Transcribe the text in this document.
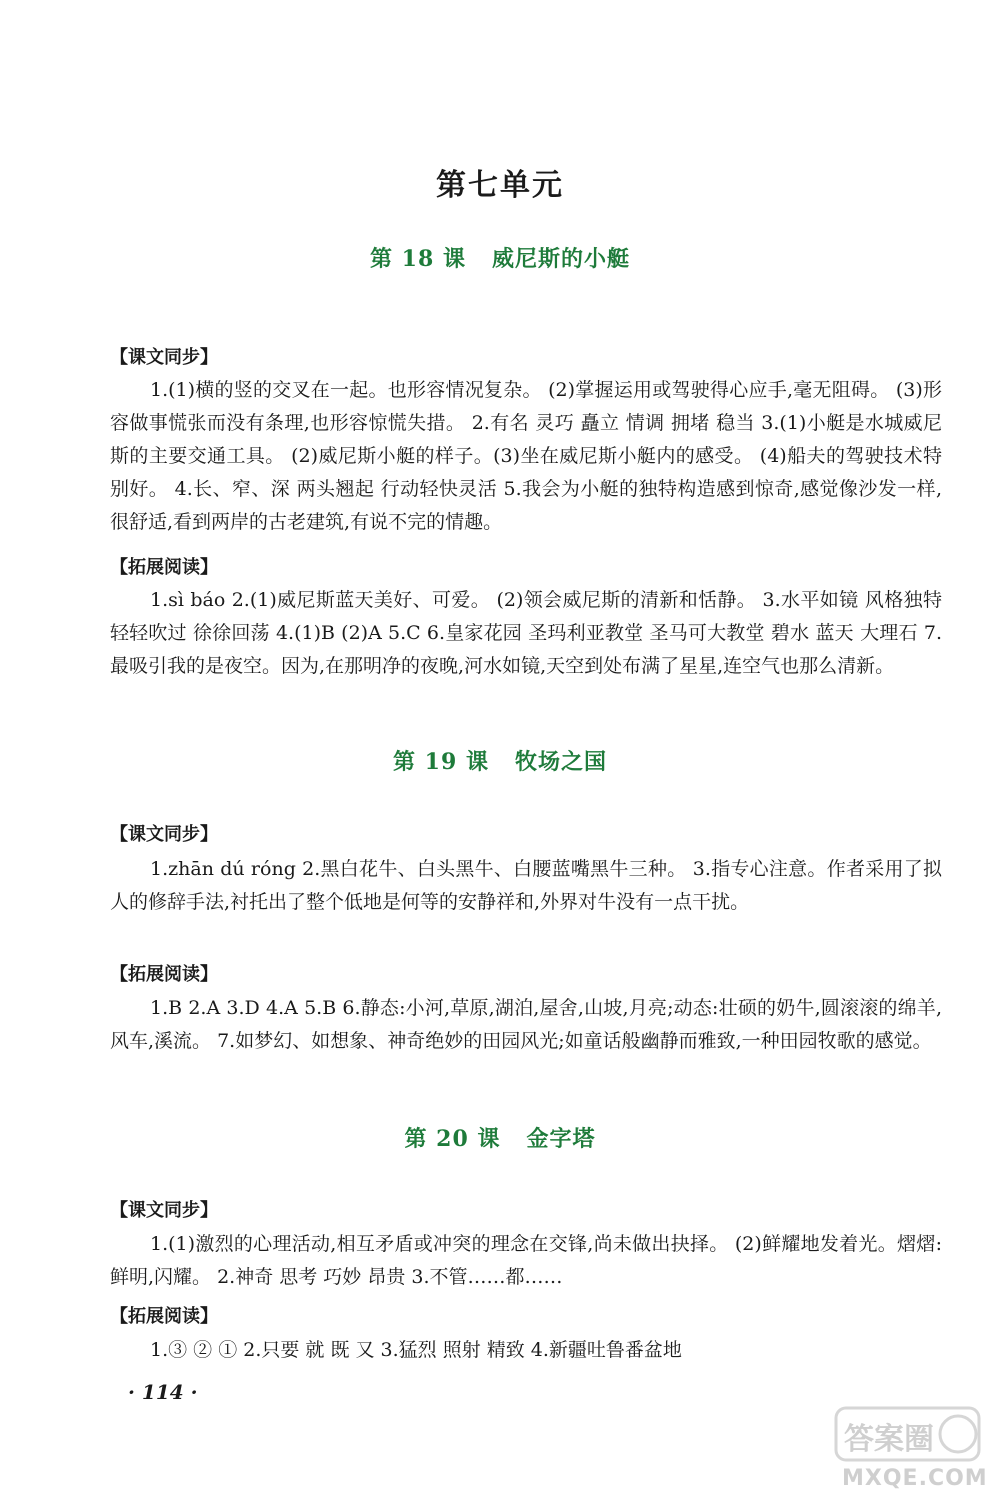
第七单元
第 18 课 威尼斯的小艇
【课文同步】

1.(1)横的竖的交叉在一起。也形容情况复杂。 (2)掌握运用或驾驶得心应手,毫无阻碍。 (3)形容做事慌张而没有条理,也形容惊慌失措。 2.有名 灵巧 矗立 情调 拥堵 稳当 3.(1)小艇是水城威尼斯的主要交通工具。 (2)威尼斯小艇的样子。(3)坐在威尼斯小艇内的感受。 (4)船夫的驾驶技术特别好。 4.长、窄、深 两头翘起 行动轻快灵活 5.我会为小艇的独特构造感到惊奇,感觉像沙发一样,很舒适,看到两岸的古老建筑,有说不完的情趣。

【拓展阅读】

1.sì báo 2.(1)威尼斯蓝天美好、可爱。 (2)领会威尼斯的清新和恬静。 3.水平如镜 风格独特 轻轻吹过 徐徐回荡 4.(1)B (2)A 5.C 6.皇家花园 圣玛利亚教堂 圣马可大教堂 碧水 蓝天 大理石 7.最吸引我的是夜空。因为,在那明净的夜晚,河水如镜,天空到处布满了星星,连空气也那么清新。

第 19 课 牧场之国
【课文同步】

1.zhān dú róng 2.黑白花牛、白头黑牛、白腰蓝嘴黑牛三种。 3.指专心注意。作者采用了拟人的修辞手法,衬托出了整个低地是何等的安静祥和,外界对牛没有一点干扰。

【拓展阅读】

1.B 2.A 3.D 4.A 5.B 6.静态:小河,草原,湖泊,屋舍,山坡,月亮;动态:壮硕的奶牛,圆滚滚的绵羊,风车,溪流。 7.如梦幻、如想象、神奇绝妙的田园风光;如童话般幽静而雅致,一种田园牧歌的感觉。

第 20 课 金字塔
【课文同步】

1.(1)激烈的心理活动,相互矛盾或冲突的理念在交锋,尚未做出抉择。 (2)鲜耀地发着光。熠熠:鲜明,闪耀。 2.神奇 思考 巧妙 昂贵 3.不管……都……

【拓展阅读】

1.③ ② ① 2.只要 就 既 又 3.猛烈 照射 精致 4.新疆吐鲁番盆地

· 114 ·
答案圈
MXQE.COM
